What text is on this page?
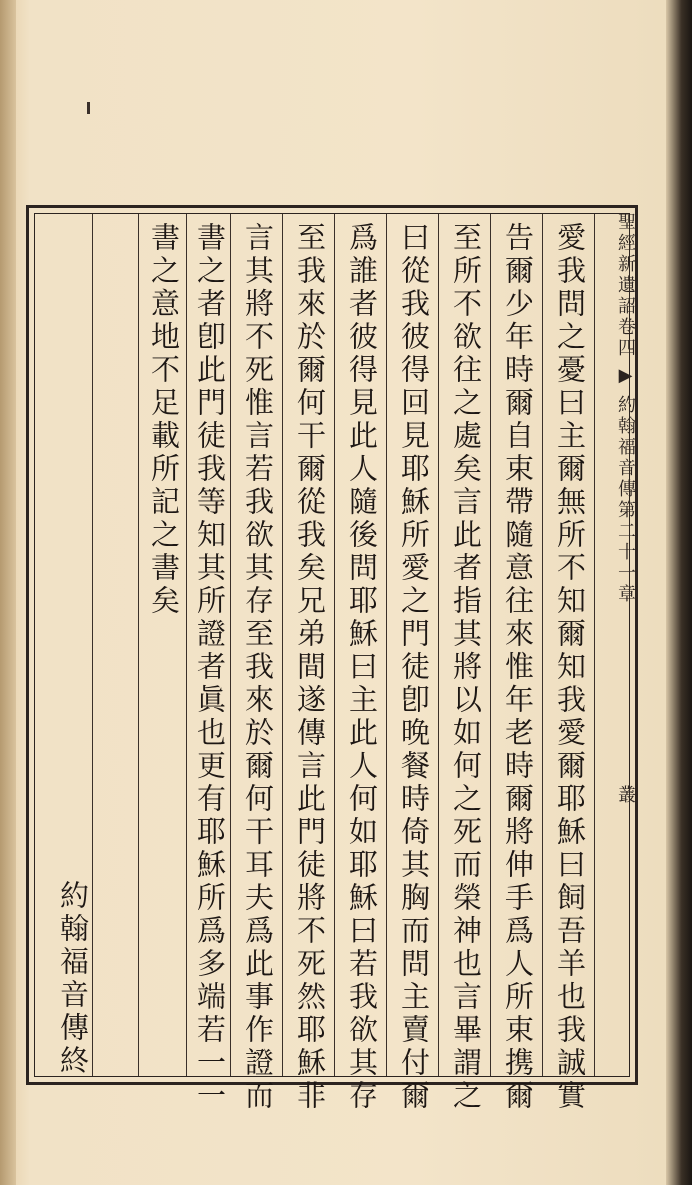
聖經新遺詔卷四▶約翰福音傳第二十一章　　　　　　　　叢
愛我問之憂曰主爾無所不知爾知我愛爾耶穌曰飼吾羊也我誠實
告爾少年時爾自束帶隨意往來惟年老時爾將伸手爲人所束携爾
至所不欲往之處矣言此者指其將以如何之死而榮神也言畢謂之
曰從我彼得回見耶穌所愛之門徒卽晚餐時倚其胸而問主賣付爾
爲誰者彼得見此人隨後問耶穌曰主此人何如耶穌曰若我欲其存
至我來於爾何干爾從我矣兄弟間遂傳言此門徒將不死然耶穌非
言其將不死惟言若我欲其存至我來於爾何干耳夫爲此事作證而
書之者卽此門徒我等知其所證者眞也更有耶穌所爲多端若一一
書之意地不足載所記之書矣
約翰福音傳終
